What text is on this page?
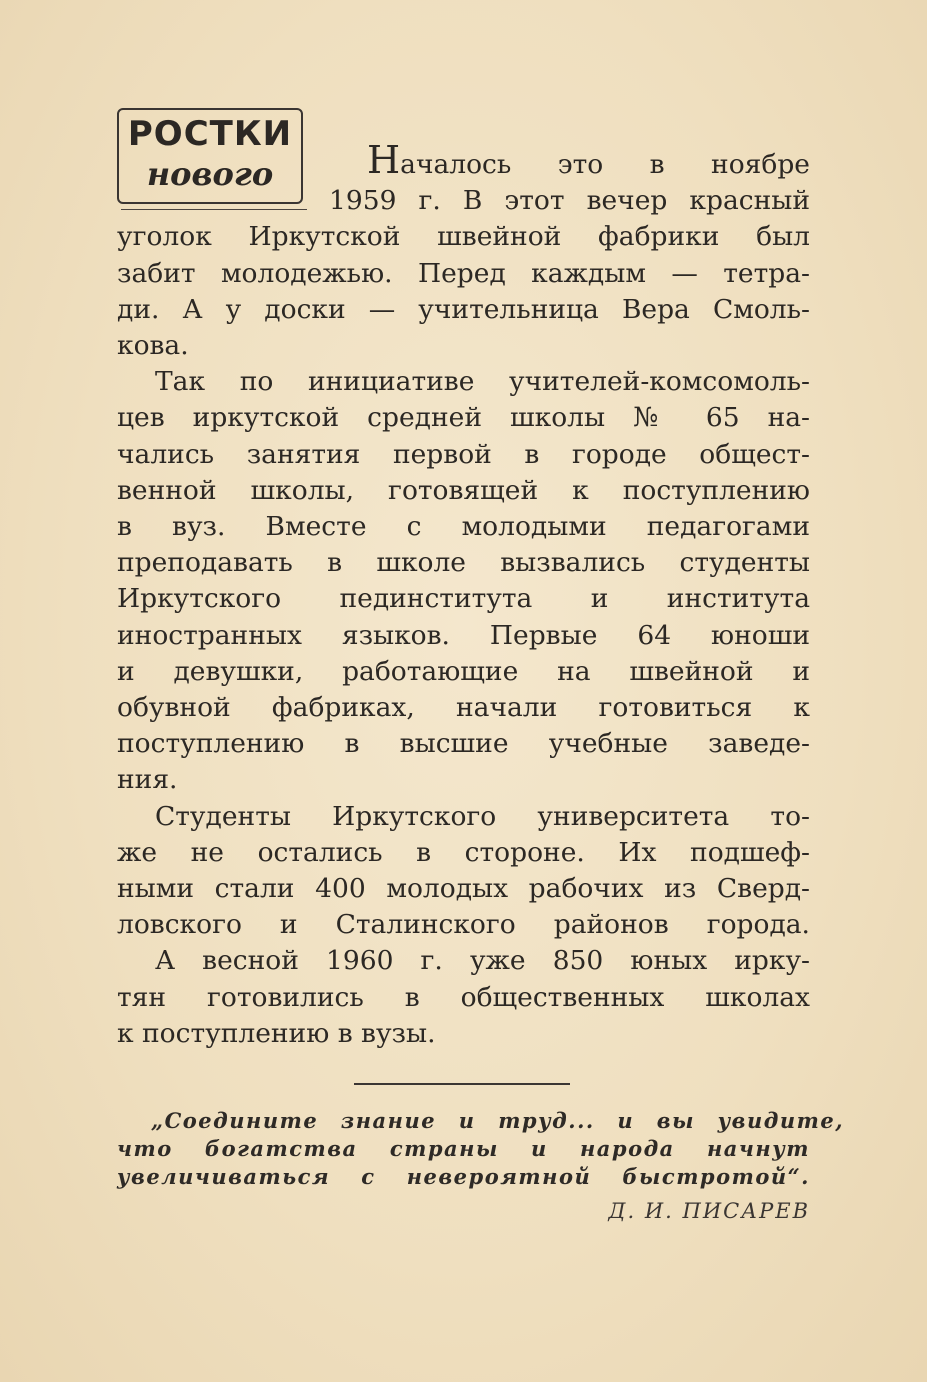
РОСТКИ
нового	Началось это в ноябре
1959 г. В этот вечер красный
уголок Иркутской швейной фабрики был
забит молодежью. Перед каждым — тетра-
ди. А у доски — учительница Вера Смоль-
кова.
Так по инициативе учителей-комсомоль-
цев иркутской средней школы № 65 на-
чались занятия первой в городе общест-
венной школы, готовящей к поступлению
в вуз. Вместе с молодыми педагогами
преподавать в школе вызвались студенты
Иркутского пединститута и института
иностранных языков. Первые 64 юноши
и девушки, работающие на швейной и
обувной фабриках, начали готовиться к
поступлению в высшие учебные заведе-
ния.
Студенты Иркутского университета то-
же не остались в стороне. Их подшеф-
ными стали 400 молодых рабочих из Сверд-
ловского и Сталинского районов города.
А весной 1960 г. уже 850 юных ирку-
тян готовились в общественных школах
к поступлению в вузы.
„Соедините знание и труд... и вы увидите,
что богатства страны и народа начнут
увеличиваться с невероятной быстротой“.
Д. И. ПИСАРЕВ
